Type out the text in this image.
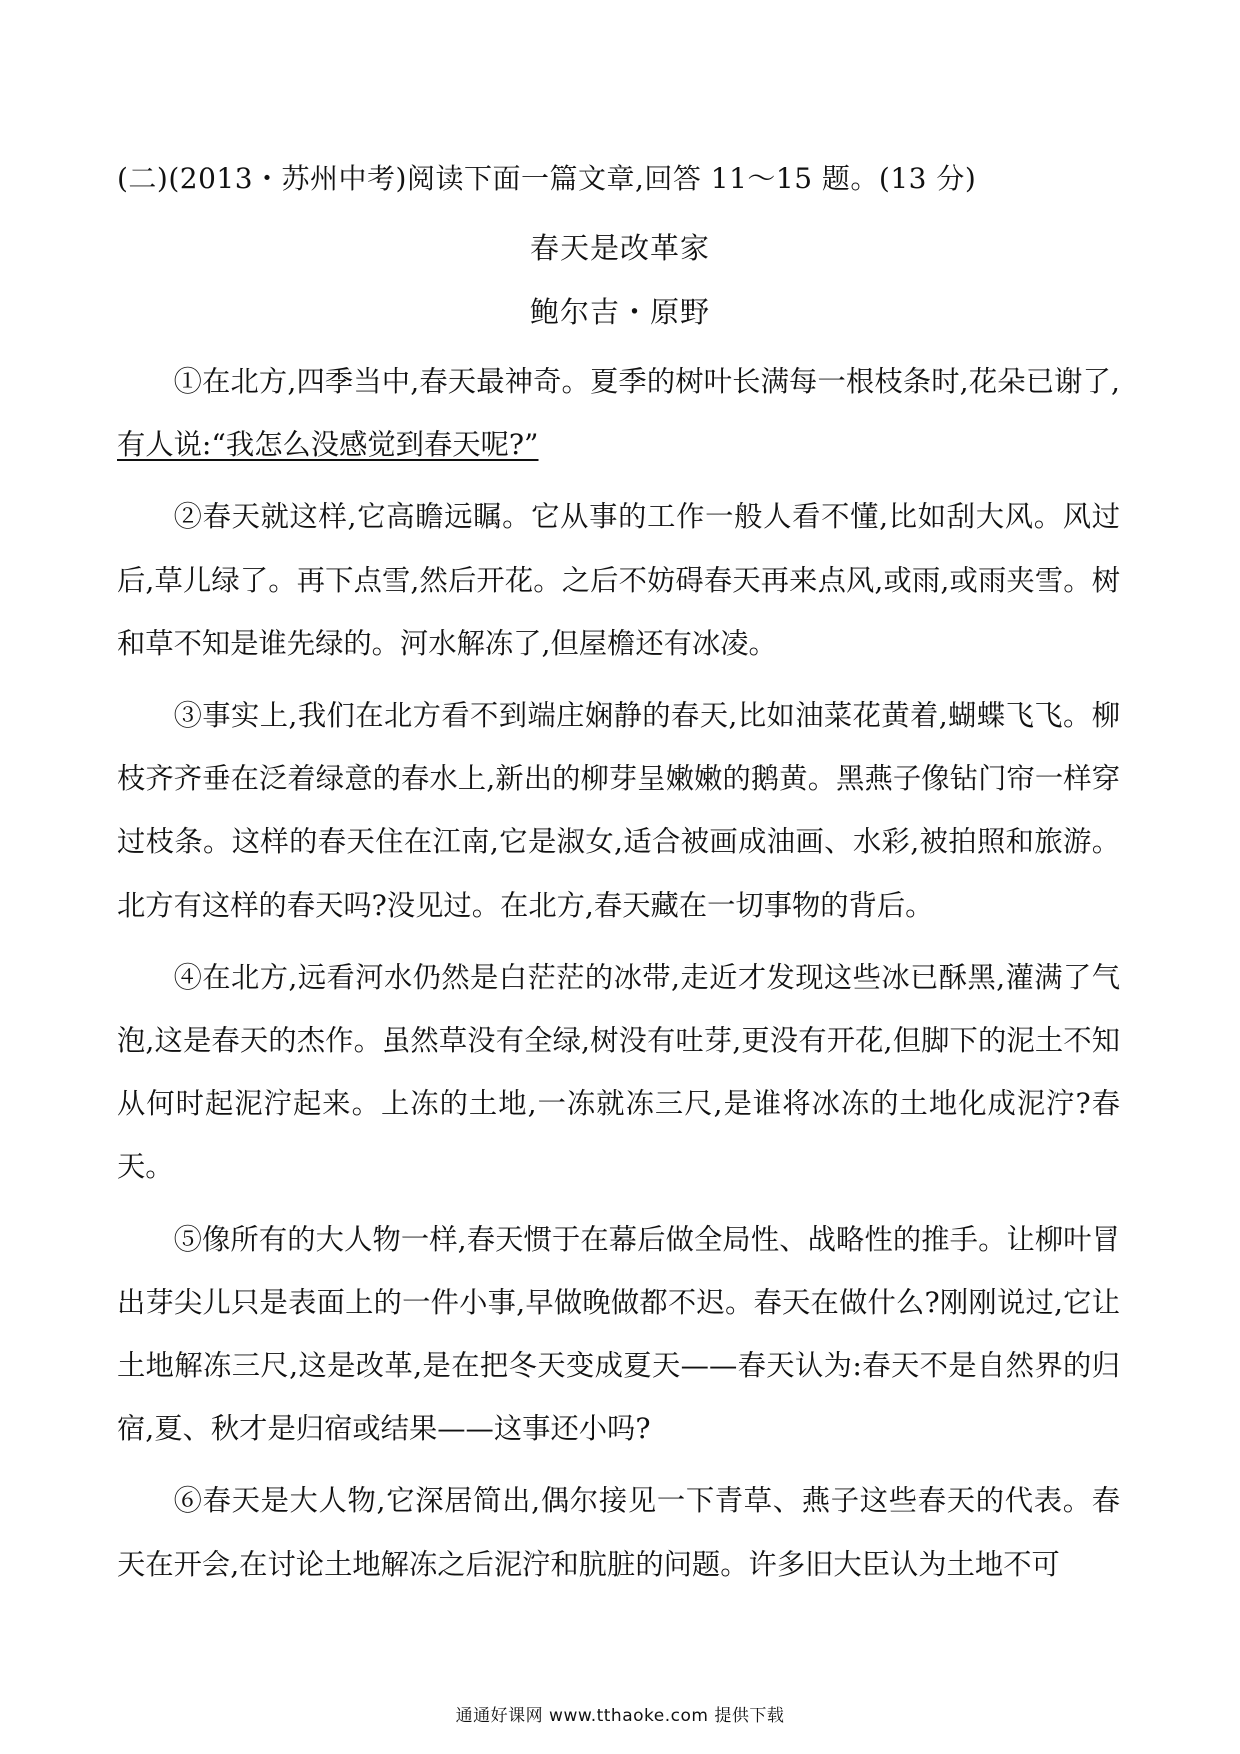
(二)(2013・苏州中考)阅读下面一篇文章,回答 11～15 题。(13 分)
春天是改革家
鲍尔吉・原野

①在北方,四季当中,春天最神奇。夏季的树叶长满每一根枝条时,花朵已谢了,有人说:“我怎么没感觉到春天呢?”

②春天就这样,它高瞻远瞩。它从事的工作一般人看不懂,比如刮大风。风过后,草儿绿了。再下点雪,然后开花。之后不妨碍春天再来点风,或雨,或雨夹雪。树和草不知是谁先绿的。河水解冻了,但屋檐还有冰凌。

③事实上,我们在北方看不到端庄娴静的春天,比如油菜花黄着,蝴蝶飞飞。柳枝齐齐垂在泛着绿意的春水上,新出的柳芽呈嫩嫩的鹅黄。黑燕子像钻门帘一样穿过枝条。这样的春天住在江南,它是淑女,适合被画成油画、水彩,被拍照和旅游。北方有这样的春天吗?没见过。在北方,春天藏在一切事物的背后。

④在北方,远看河水仍然是白茫茫的冰带,走近才发现这些冰已酥黑,灌满了气泡,这是春天的杰作。虽然草没有全绿,树没有吐芽,更没有开花,但脚下的泥土不知从何时起泥泞起来。上冻的土地,一冻就冻三尺,是谁将冰冻的土地化成泥泞?春天。

⑤像所有的大人物一样,春天惯于在幕后做全局性、战略性的推手。让柳叶冒出芽尖儿只是表面上的一件小事,早做晚做都不迟。春天在做什么?刚刚说过,它让土地解冻三尺,这是改革,是在把冬天变成夏天——春天认为:春天不是自然界的归宿,夏、秋才是归宿或结果——这事还小吗?

⑥春天是大人物,它深居简出,偶尔接见一下青草、燕子这些春天的代表。春天在开会,在讨论土地解冻之后泥泞和肮脏的问题。许多旧大臣认为土地不可

通通好课网 www.tthaoke.com 提供下载
